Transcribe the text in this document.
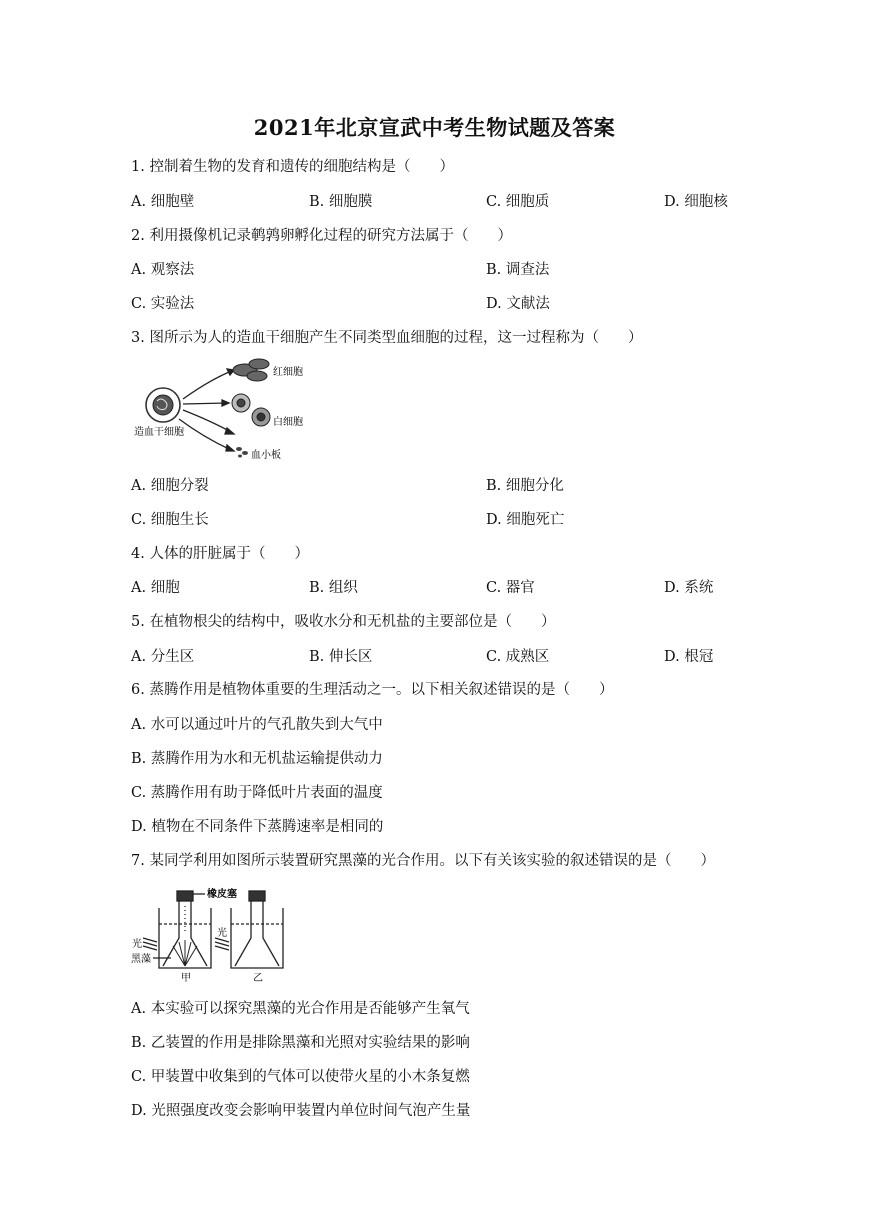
2021年北京宣武中考生物试题及答案
1. 控制着生物的发育和遗传的细胞结构是（　　）
A. 细胞壁	B. 细胞膜	C. 细胞质	D. 细胞核
2. 利用摄像机记录鹌鹑卵孵化过程的研究方法属于（　　）
A. 观察法	B. 调查法
C. 实验法	D. 文献法
3. 图所示为人的造血干细胞产生不同类型血细胞的过程，这一过程称为（　　）
造血干细胞
红细胞
白细胞
血小板
A. 细胞分裂	B. 细胞分化
C. 细胞生长	D. 细胞死亡
4. 人体的肝脏属于（　　）
A. 细胞	B. 组织	C. 器官	D. 系统
5. 在植物根尖的结构中，吸收水分和无机盐的主要部位是（　　）
A. 分生区	B. 伸长区	C. 成熟区	D. 根冠
6. 蒸腾作用是植物体重要的生理活动之一。以下相关叙述错误的是（　　）
A. 水可以通过叶片的气孔散失到大气中
B. 蒸腾作用为水和无机盐运输提供动力
C. 蒸腾作用有助于降低叶片表面的温度
D. 植物在不同条件下蒸腾速率是相同的
7. 某同学利用如图所示装置研究黑藻的光合作用。以下有关该实验的叙述错误的是（　　）
橡皮塞
光
黑藻
甲
光
乙
A. 本实验可以探究黑藻的光合作用是否能够产生氧气
B. 乙装置的作用是排除黑藻和光照对实验结果的影响
C. 甲装置中收集到的气体可以使带火星的小木条复燃
D. 光照强度改变会影响甲装置内单位时间气泡产生量
